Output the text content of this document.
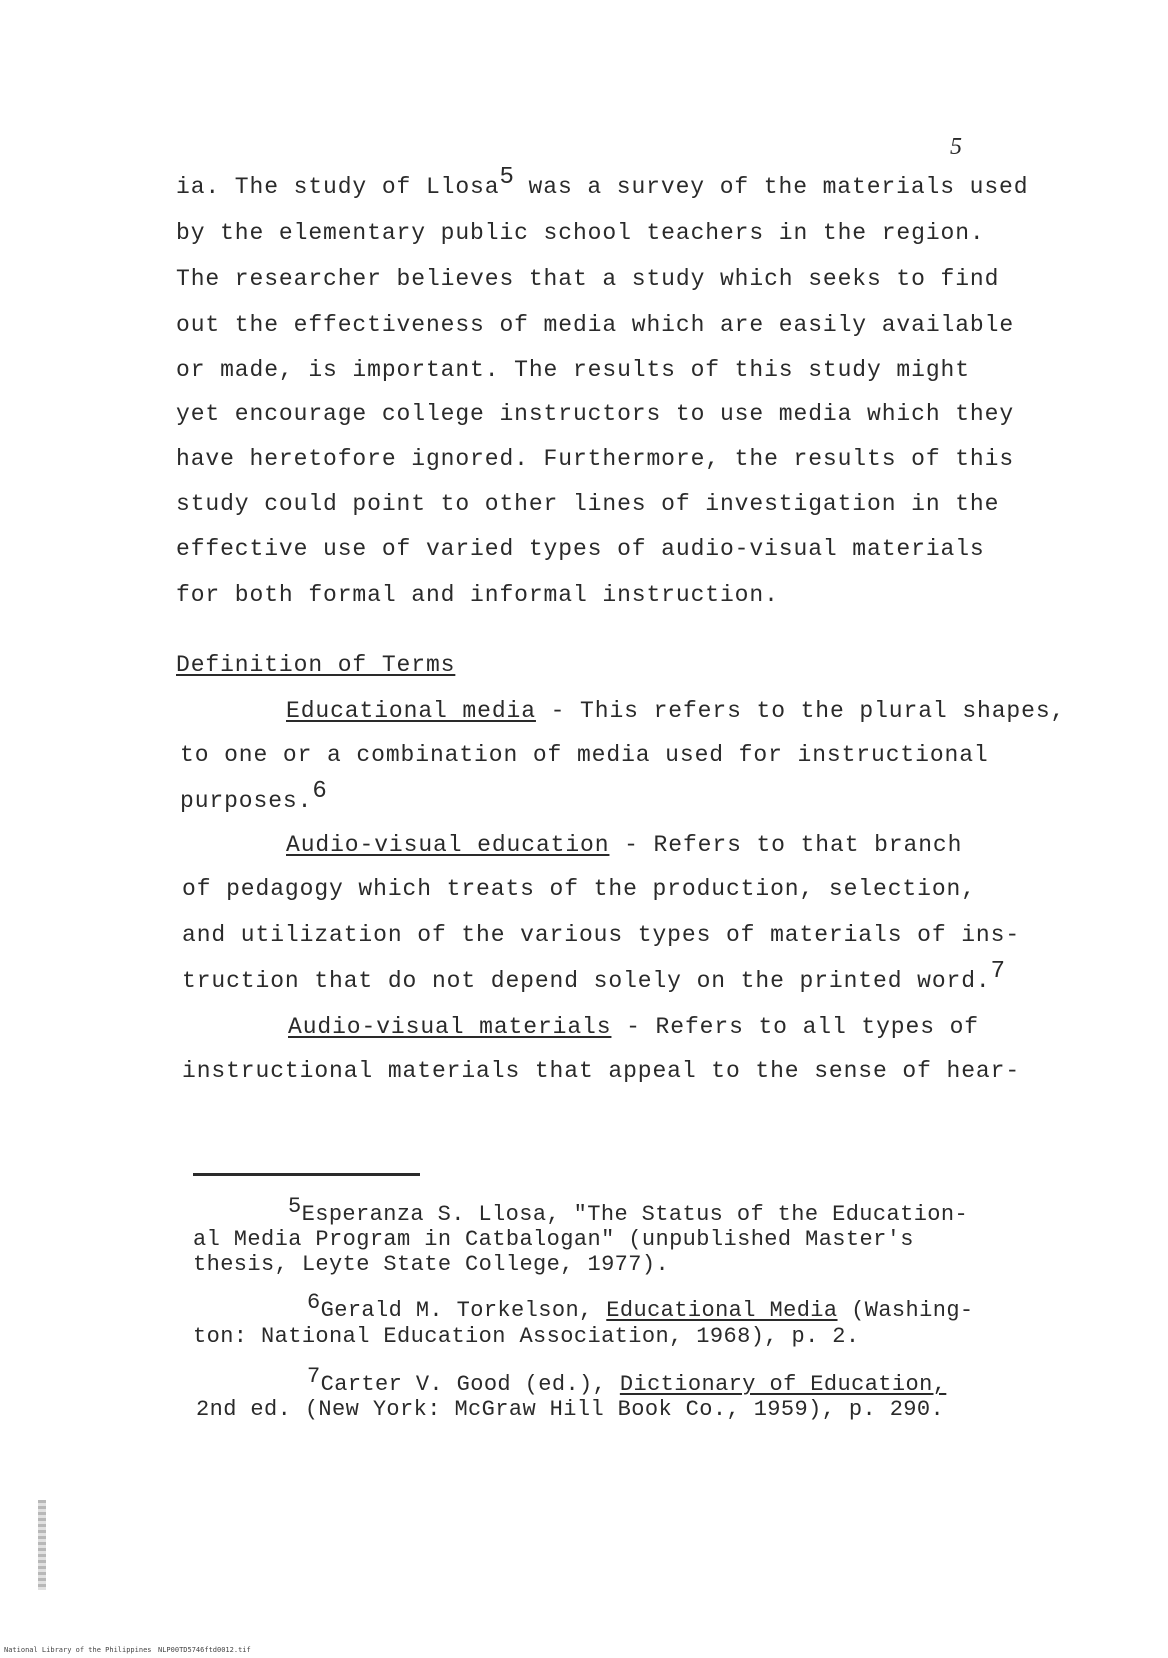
5
ia. The study of Llosa$^5$ was a survey of the materials used
by the elementary public school teachers in the region.
The researcher believes that a study which seeks to find
out the effectiveness of media which are easily available
or made, is important. The results of this study might
yet encourage college instructors to use media which they
have heretofore ignored. Furthermore, the results of this
study could point to other lines of investigation in the
effective use of varied types of audio-visual materials
for both formal and informal instruction.
Definition of Terms
Educational media - This refers to the plural shapes,
to one or a combination of media used for instructional
purposes.$^6$
Audio-visual education - Refers to that branch
of pedagogy which treats of the production, selection,
and utilization of the various types of materials of ins-
truction that do not depend solely on the printed word.$^7$
Audio-visual materials - Refers to all types of
instructional materials that appeal to the sense of hear-
5Esperanza S. Llosa, "The Status of the Education-
al Media Program in Catbalogan" (unpublished Master's
thesis, Leyte State College, 1977).
6Gerald M. Torkelson, Educational Media (Washing-
ton: National Education Association, 1968), p. 2.
7Carter V. Good (ed.), Dictionary of Education,
2nd ed. (New York: McGraw Hill Book Co., 1959), p. 290.
National Library of the Philippines NLP00TD5746ftd0012.tif
